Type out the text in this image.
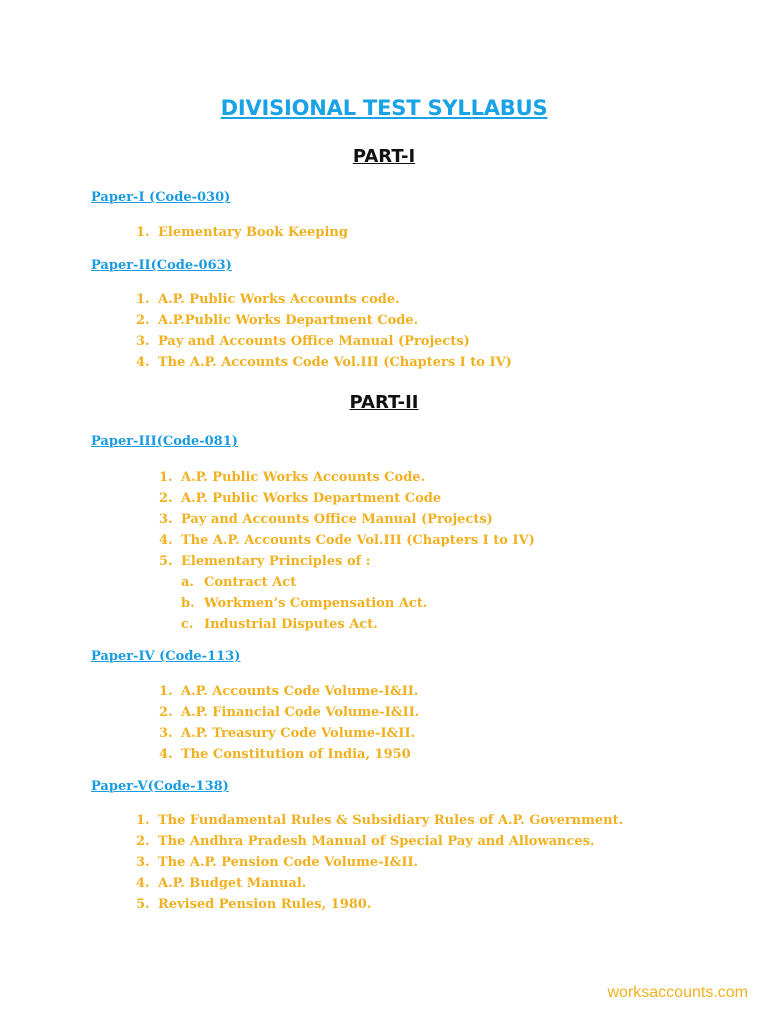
DIVISIONAL TEST SYLLABUS
PART-I
Paper-I (Code-030)
1. Elementary Book Keeping
Paper-II(Code-063)
1. A.P. Public Works Accounts code.
2. A.P.Public Works Department Code.
3. Pay and Accounts Office Manual (Projects)
4. The A.P. Accounts Code Vol.III (Chapters I to IV)
PART-II
Paper-III(Code-081)
1. A.P. Public Works Accounts Code.
2. A.P. Public Works Department Code
3. Pay and Accounts Office Manual (Projects)
4. The A.P. Accounts Code Vol.III (Chapters I to IV)
5. Elementary Principles of :
a. Contract Act
b. Workmen’s Compensation Act.
c. Industrial Disputes Act.
Paper-IV (Code-113)
1. A.P. Accounts Code Volume-I&II.
2. A.P. Financial Code Volume-I&II.
3. A.P. Treasury Code Volume-I&II.
4. The Constitution of India, 1950
Paper-V(Code-138)
1. The Fundamental Rules & Subsidiary Rules of A.P. Government.
2. The Andhra Pradesh Manual of Special Pay and Allowances.
3. The A.P. Pension Code Volume-I&II.
4. A.P. Budget Manual.
5. Revised Pension Rules, 1980.
worksaccounts.com
